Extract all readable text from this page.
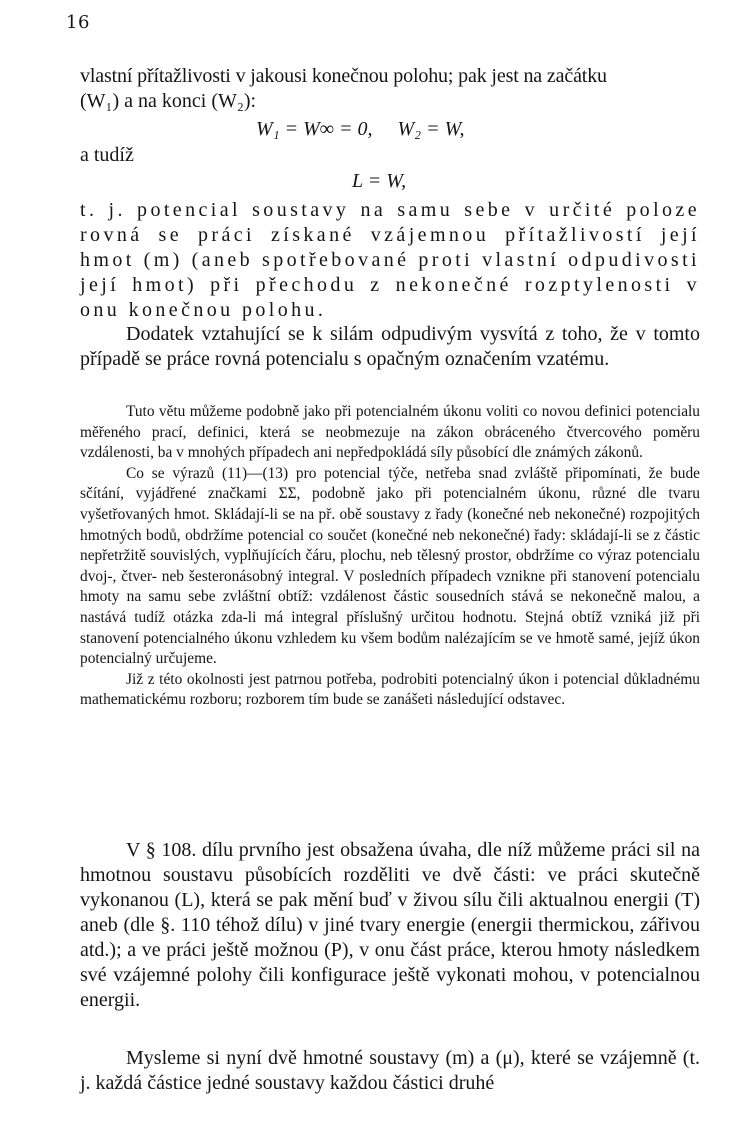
16

vlastní přítažlivosti v jakousi konečnou polohu; pak jest na začátku

(W₁) a na konci (W₂):

W₁ = W∞ = 0,     W₂ = W,
a tudíž
L = W,

t. j. potencial soustavy na samu sebe v určité poloze rovná se práci získané vzájemnou přítažlivostí její hmot (m) (aneb spotřebované proti vlastní odpudivosti její hmot) při přechodu z nekonečné rozptylenosti v onu konečnou polohu.

Dodatek vztahující se k silám odpudivým vysvítá z toho, že v tomto případě se práce rovná potencialu s opačným označením vzatému.

Tuto větu můžeme podobně jako při potencialném úkonu voliti co novou definici potencialu měřeného prací, definici, která se neobmezuje na zákon obráceného čtvercového poměru vzdálenosti, ba v mnohých případech ani nepředpokládá síly působící dle známých zákonů.

Co se výrazů (11)—(13) pro potencial týče, netřeba snad zvláště připomínati, že bude sčítání, vyjádřené značkami ΣΣ, podobně jako při potencialném úkonu, různé dle tvaru vyšetřovaných hmot. Skládají-li se na př. obě soustavy z řady (konečné neb nekonečné) rozpojitých hmotných bodů, obdržíme potencial co součet (konečné neb nekonečné) řady: skládají-li se z částic nepřetržitě souvislých, vyplňujících čáru, plochu, neb tělesný prostor, obdržíme co výraz potencialu dvoj-, čtver- neb šesteronásobný integral. V posledních případech vznikne při stanovení potencialu hmoty na samu sebe zvláštní obtíž: vzdálenost částic sousedních stává se nekonečně malou, a nastává tudíž otázka zda-li má integral příslušný určitou hodnotu. Stejná obtíž vzniká již při stanovení potencialného úkonu vzhledem ku všem bodům nalézajícím se ve hmotě samé, jejíž úkon potencialný určujeme.

Již z této okolnosti jest patrnou potřeba, podrobiti potencialný úkon i potencial důkladnému mathematickému rozboru; rozborem tím bude se zanášeti následující odstavec.

V § 108. dílu prvního jest obsažena úvaha, dle níž můžeme práci sil na hmotnou soustavu působících rozděliti ve dvě části: ve práci skutečně vykonanou (L), která se pak mění buď v živou sílu čili aktualnou energii (T) aneb (dle §. 110 téhož dílu) v jiné tvary energie (energii thermickou, zářivou atd.); a ve práci ještě možnou (P), v onu část práce, kterou hmoty následkem své vzájemné polohy čili konfigurace ještě vykonati mohou, v potencialnou energii.

Mysleme si nyní dvě hmotné soustavy (m) a (μ), které se vzájemně (t. j. každá částice jedné soustavy každou částici druhé
